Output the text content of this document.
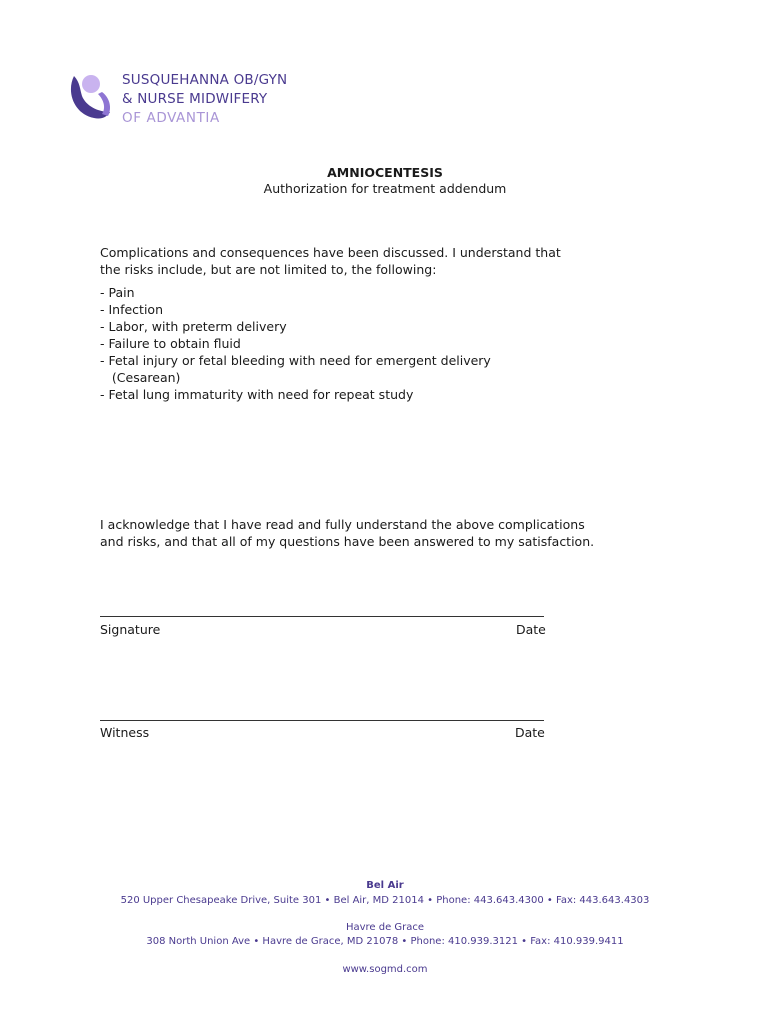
SUSQUEHANNA OB/GYN
& NURSE MIDWIFERY
OF ADVANTIA
AMNIOCENTESIS
Authorization for treatment addendum
Complications and consequences have been discussed. I understand that
the risks include, but are not limited to, the following:
- Pain
- Infection
- Labor, with preterm delivery
- Failure to obtain fluid
- Fetal injury or fetal bleeding with need for emergent delivery
(Cesarean)
- Fetal lung immaturity with need for repeat study
I acknowledge that I have read and fully understand the above complications
and risks, and that all of my questions have been answered to my satisfaction.
Signature	Date
Witness	Date
Bel Air
520 Upper Chesapeake Drive, Suite 301 • Bel Air, MD 21014 • Phone: 443.643.4300 • Fax: 443.643.4303
Havre de Grace
308 North Union Ave • Havre de Grace, MD 21078 • Phone: 410.939.3121 • Fax: 410.939.9411
www.sogmd.com
